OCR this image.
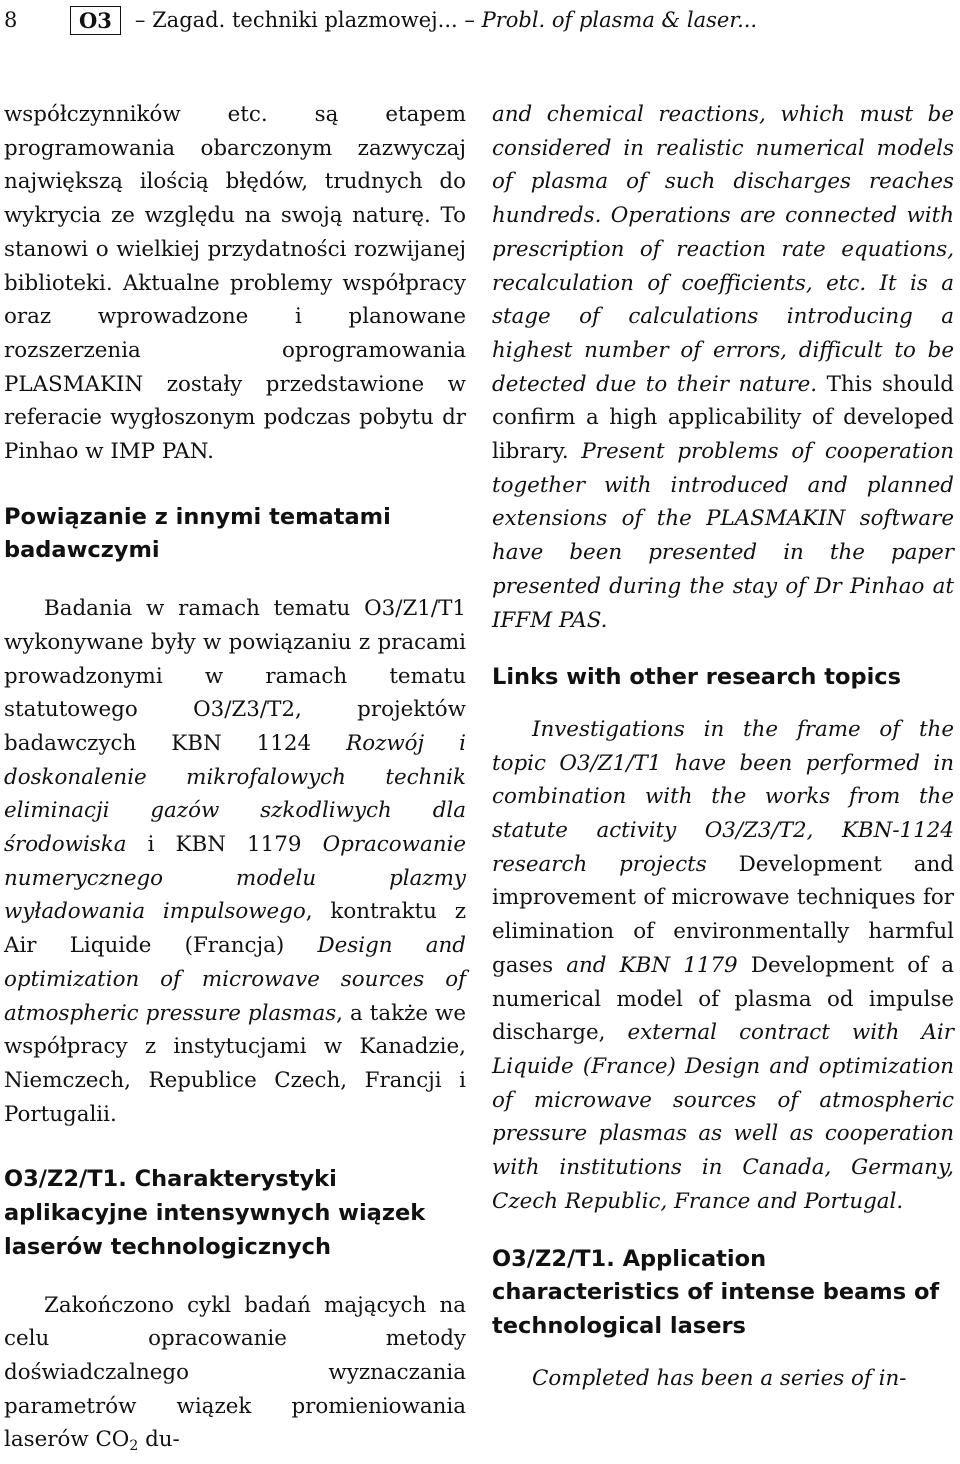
8	O3	– Zagad. techniki plazmowej... –
Probl. of plasma & laser...

współczynników etc. są etapem programowania obarczonym zazwyczaj największą ilością błędów, trudnych do wykrycia ze względu na swoją naturę. To stanowi o wielkiej przydatności rozwijanej biblioteki. Aktualne problemy współpracy oraz wprowadzone i planowane rozszerzenia oprogramowania PLASMAKIN zostały przedstawione w referacie wygłoszonym podczas pobytu dr Pinhao w IMP PAN.

Powiązanie z innymi tematami badawczymi

Badania w ramach tematu O3/Z1/T1 wykonywane były w powiązaniu z pracami prowadzonymi w ramach tematu statutowego O3/Z3/T2, projektów badawczych KBN 1124 Rozwój i doskonalenie mikrofalowych technik eliminacji gazów szkodliwych dla środowiska i KBN 1179 Opracowanie numerycznego modelu plazmy wyładowania impulsowego, kontraktu z Air Liquide (Francja) Design and optimization of microwave sources of atmospheric pressure plasmas, a także we współpracy z instytucjami w Kanadzie, Niemczech, Republice Czech, Francji i Portugalii.

O3/Z2/T1. Charakterystyki aplikacyjne intensywnych wiązek laserów technologicznych

Zakończono cykl badań mających na celu opracowanie metody doświadczalnego wyznaczania parametrów wiązek promieniowania laserów $CO_2$ du-

and chemical reactions, which must be considered in realistic numerical models of plasma of such discharges reaches hundreds. Operations are connected with prescription of reaction rate equations, recalculation of coefficients, etc. It is a stage of calculations introducing a highest number of errors, difficult to be detected due to their nature. This should confirm a high applicability of developed library. Present problems of cooperation together with introduced and planned extensions of the PLASMAKIN software have been presented in the paper presented during the stay of Dr Pinhao at IFFM PAS.

Links with other research topics

Investigations in the frame of the topic O3/Z1/T1 have been performed in combination with the works from the statute activity O3/Z3/T2, KBN-1124 research projects Development and improvement of microwave techniques for elimination of environmentally harmful gases and KBN 1179 Development of a numerical model of plasma od impulse discharge, external contract with Air Liquide (France) Design and optimization of microwave sources of atmospheric pressure plasmas as well as cooperation with institutions in Canada, Germany, Czech Republic, France and Portugal.

O3/Z2/T1. Application characteristics of intense beams of technological lasers

Completed has been a series of in-
